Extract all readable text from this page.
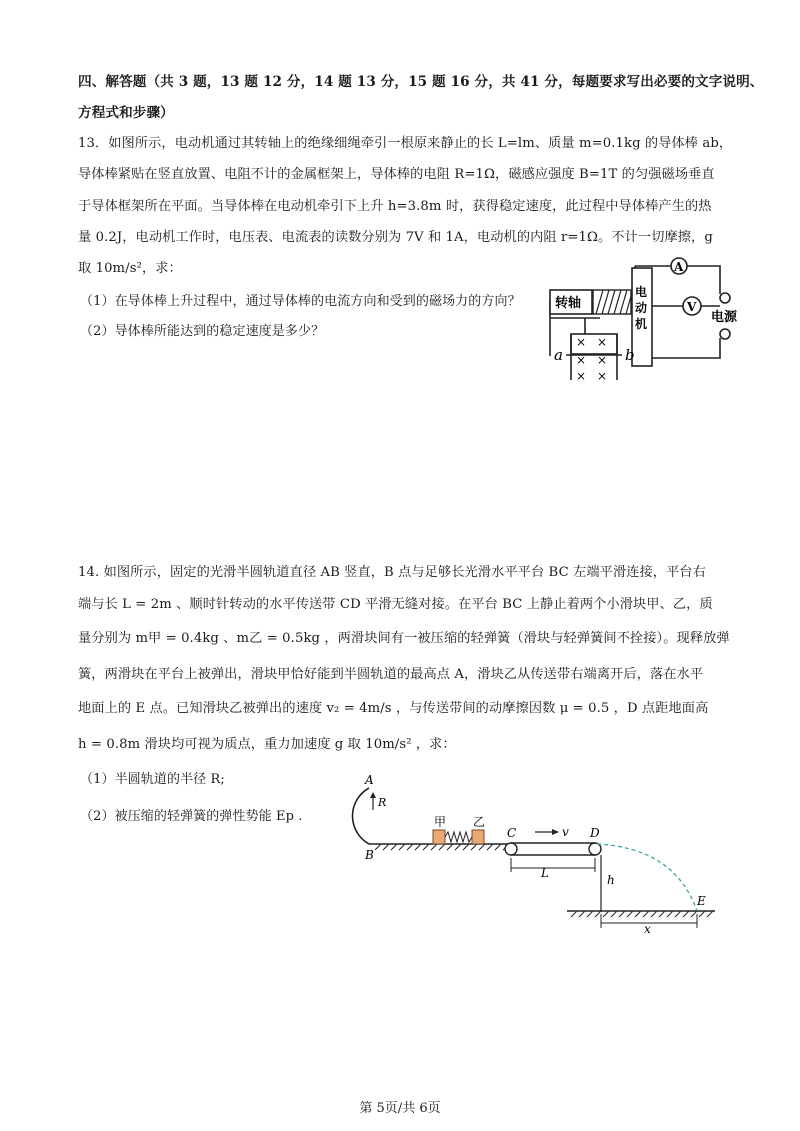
四、解答题（共 3 题，13 题 12 分，14 题 13 分，15 题 16 分，共 41 分，每题要求写出必要的文字说明、
方程式和步骤）
13．如图所示，电动机通过其转轴上的绝缘细绳牵引一根原来静止的长 L=lm、质量 m=0.1kg 的导体棒 ab，
导体棒紧贴在竖直放置、电阻不计的金属框架上，导体棒的电阻 R=1Ω，磁感应强度 B=1T 的匀强磁场垂直
于导体框架所在平面。当导体棒在电动机牵引下上升 h=3.8m 时，获得稳定速度，此过程中导体棒产生的热
量 0.2J，电动机工作时，电压表、电流表的读数分别为 7V 和 1A，电动机的内阻 r=1Ω。不计一切摩擦，g
取 10m/s²，求：
（1）在导体棒上升过程中，通过导体棒的电流方向和受到的磁场力的方向？
（2）导体棒所能达到的稳定速度是多少？
转轴
电
动
机
A
V
电源
× ×
× ×
× ×
a	b
14. 如图所示，固定的光滑半圆轨道直径 AB 竖直，B 点与足够长光滑水平平台 BC 左端平滑连接，平台右
端与长 L = 2m 、顺时针转动的水平传送带 CD 平滑无缝对接。在平台 BC 上静止着两个小滑块甲、乙，质
量分别为 m甲 = 0.4kg 、m乙 = 0.5kg ，两滑块间有一被压缩的轻弹簧（滑块与轻弹簧间不拴接）。现释放弹
簧，两滑块在平台上被弹出，滑块甲恰好能到半圆轨道的最高点 A，滑块乙从传送带右端离开后，落在水平
地面上的 E 点。已知滑块乙被弹出的速度 v₂ = 4m/s ，与传送带间的动摩擦因数 μ = 0.5 ，D 点距地面高
h = 0.8m 滑块均可视为质点，重力加速度 g 取 10m/s² ，求：
（1）半圆轨道的半径 R;
（2）被压缩的轻弹簧的弹性势能 Ep .
A
B
R
甲 乙
C	D
v
L	h
E
x
第 5页/共 6页
